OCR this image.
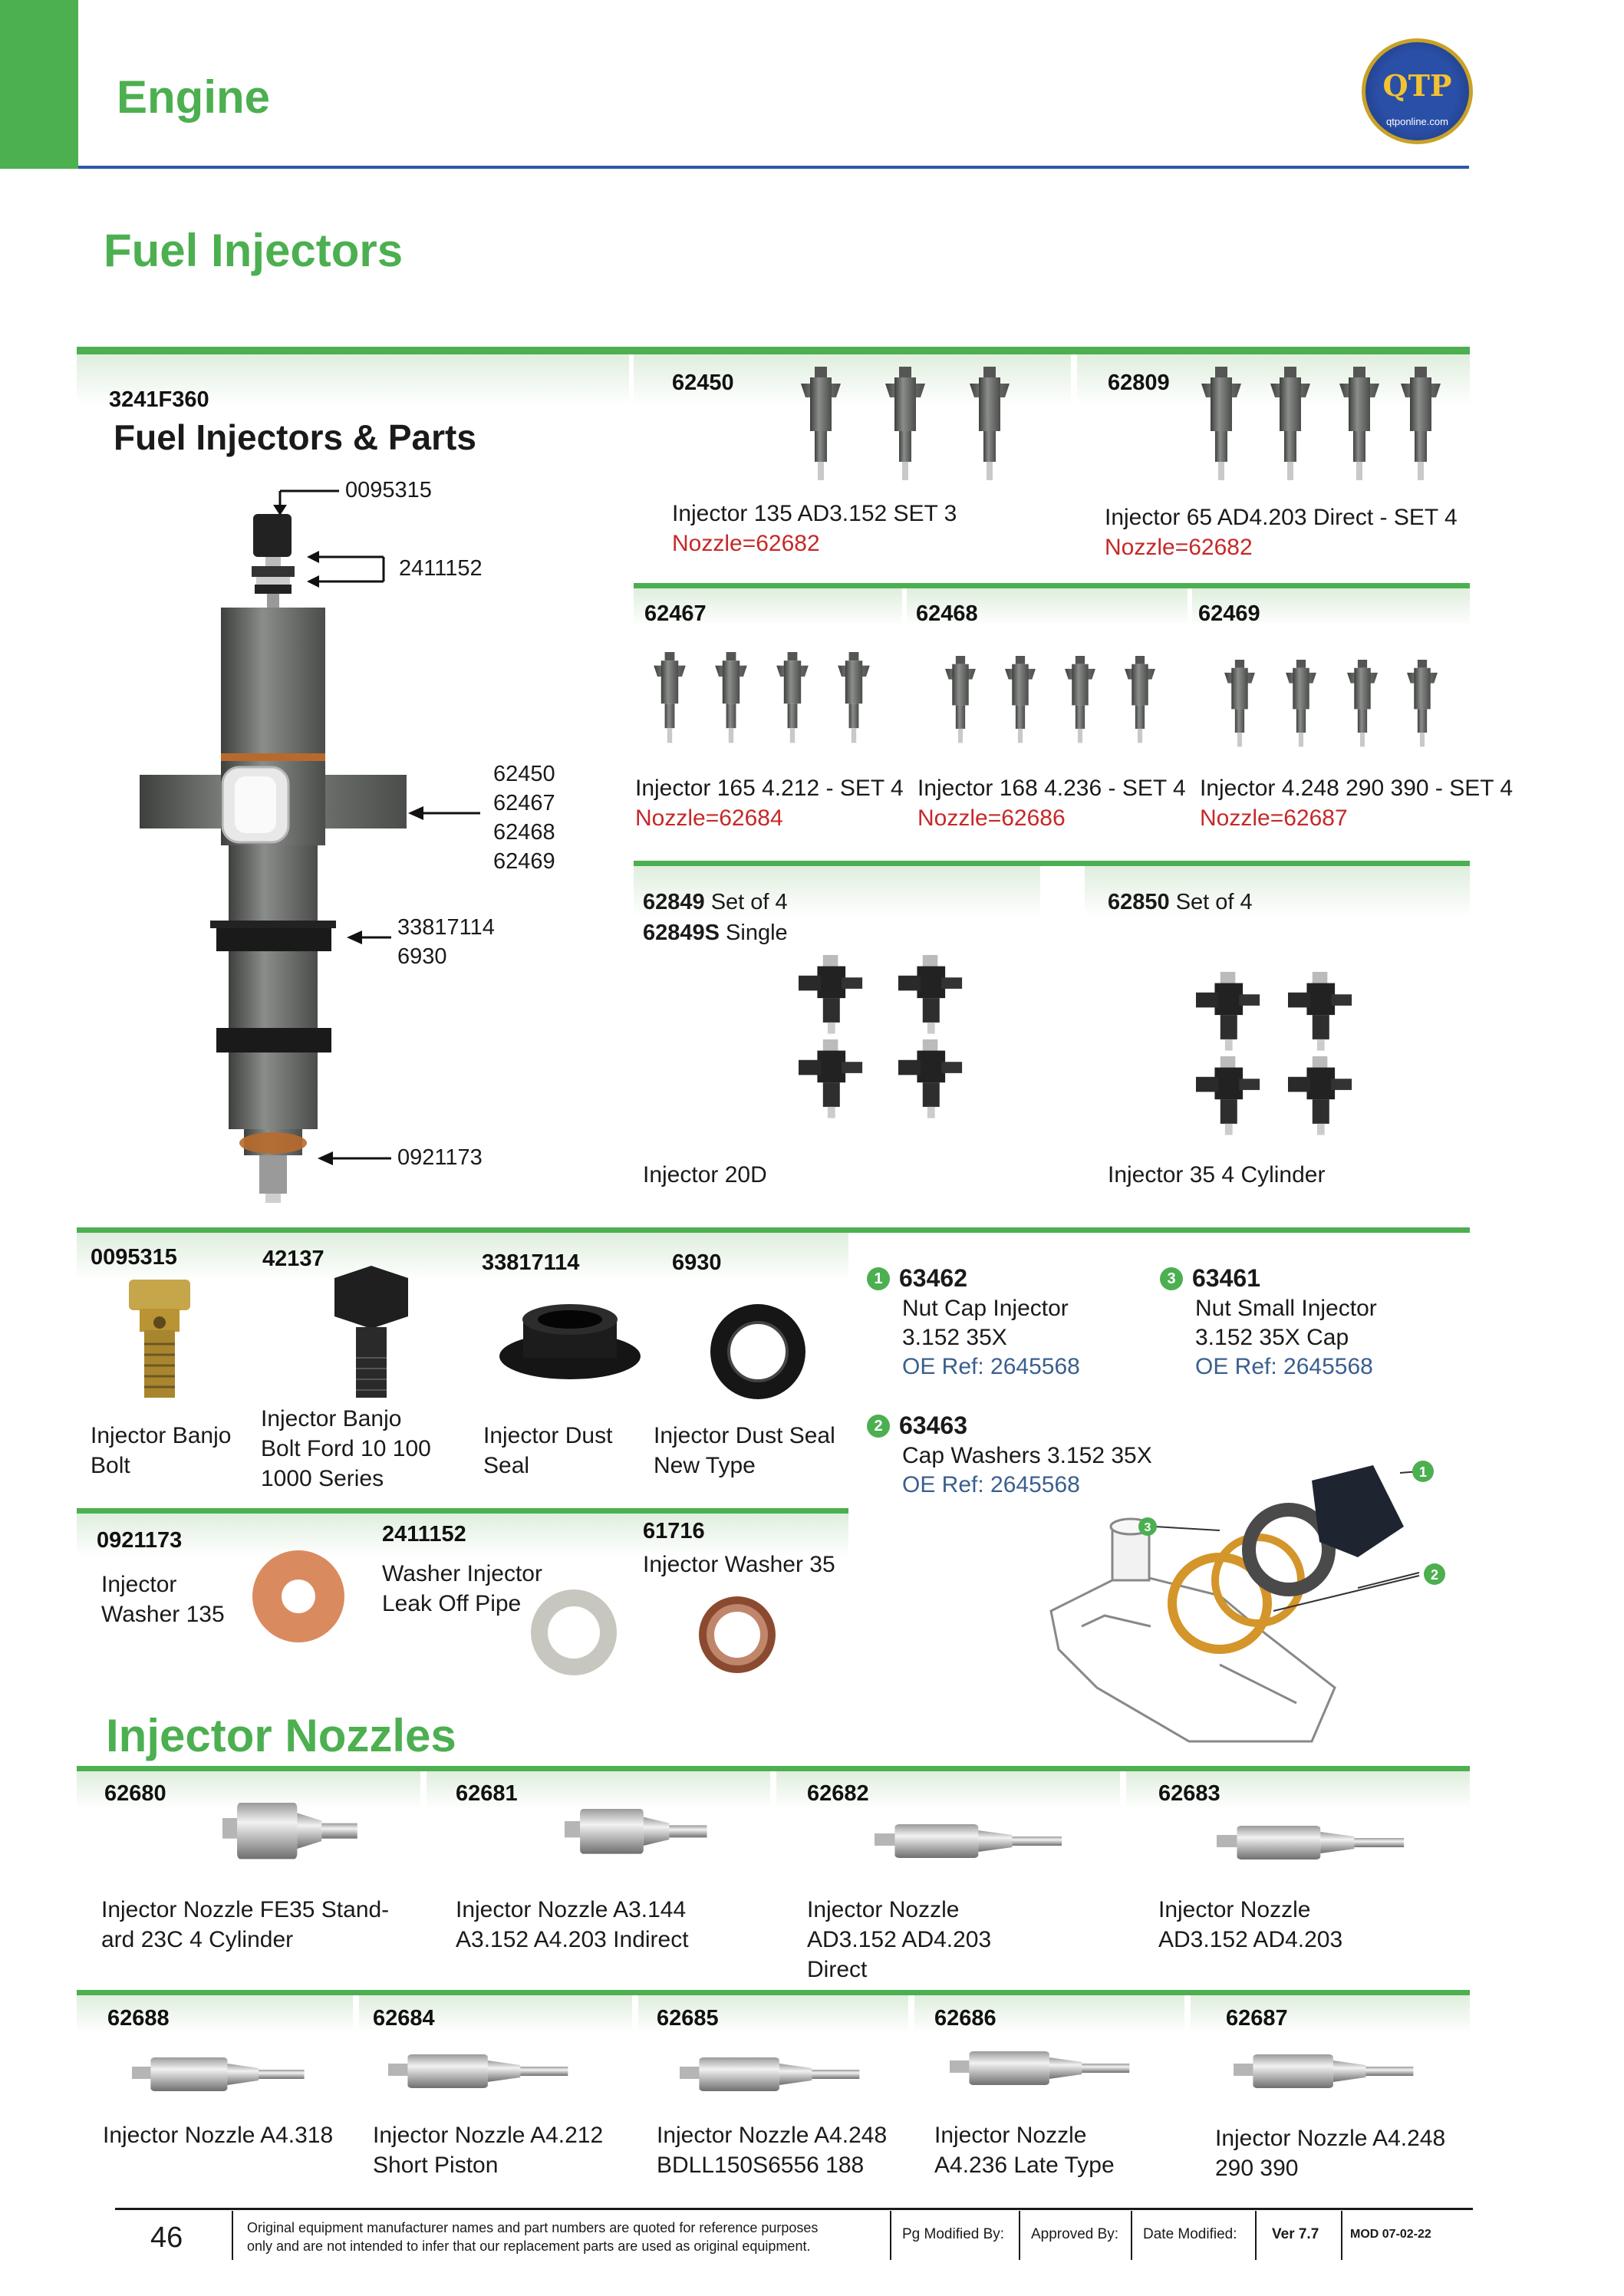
Engine	QTP
qtponline.com
Fuel Injectors
3241F360
Fuel Injectors & Parts
0095315
2411152
62450
62467
62468
62469
33817114
6930
0921173
62450
Injector 135 AD3.152 SET 3
Nozzle=62682
62809
Injector 65 AD4.203 Direct - SET 4
Nozzle=62682
62467
Injector 165 4.212 - SET 4
Nozzle=62684
62468
Injector 168 4.236 - SET 4
Nozzle=62686
62469
Injector 4.248 290 390 - SET 4
Nozzle=62687
62849 Set of 4
62849S Single
Injector 20D
62850 Set of 4
Injector 35 4 Cylinder
0095315
Injector Banjo Bolt
42137
Injector Banjo Bolt Ford 10 100 1000 Series
33817114
Injector Dust Seal
6930
Injector Dust Seal New Type
0921173
Injector Washer 135
2411152
Washer Injector Leak Off Pipe
61716
Injector Washer 35
1 63462
Nut Cap Injector
3.152 35X
OE Ref: 2645568
3 63461
Nut Small Injector
3.152 35X Cap
OE Ref: 2645568
2 63463
Cap Washers 3.152 35X
OE Ref: 2645568	1
2
3
Injector Nozzles
62680
Injector Nozzle FE35 Stand-
ard 23C 4 Cylinder
62681
Injector Nozzle A3.144
A3.152 A4.203 Indirect
62682
Injector Nozzle
AD3.152 AD4.203
Direct
62683
Injector Nozzle
AD3.152 AD4.203
62688
Injector Nozzle A4.318
62684
Injector Nozzle A4.212
Short Piston
62685
Injector Nozzle A4.248
BDLL150S6556 188
62686
Injector Nozzle
A4.236 Late Type
62687
Injector Nozzle A4.248
290 390
46	Original equipment manufacturer names and part numbers are quoted for reference purposes
only and are not intended to infer that our replacement parts are used as original equipment.
Pg Modified By: Approved By: Date Modified: Ver 7.7	MOD 07-02-22
